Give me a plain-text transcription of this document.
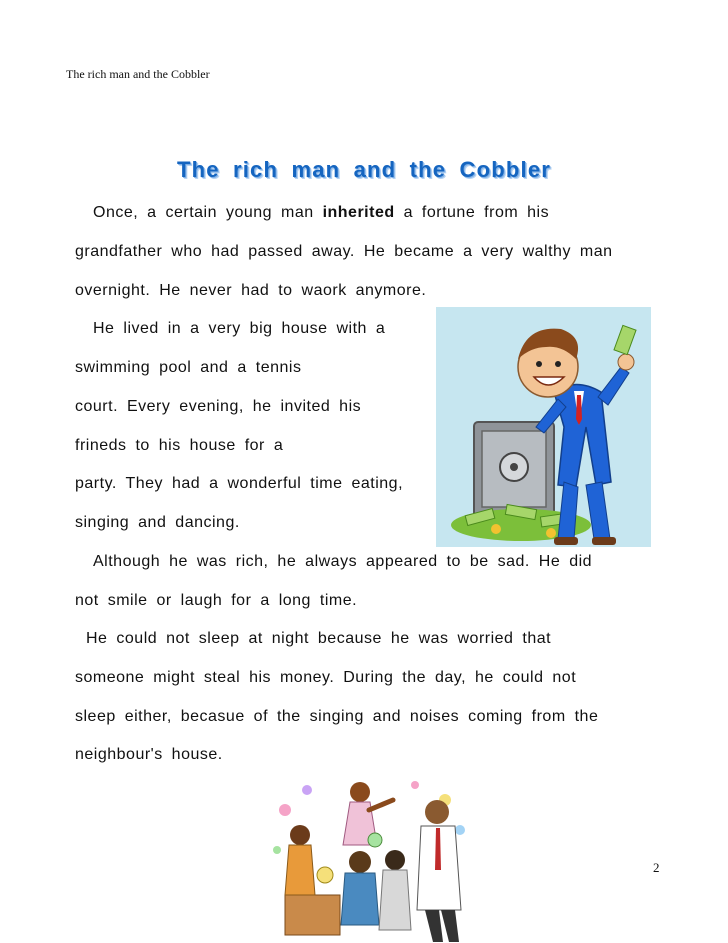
The rich man and the Cobbler
The rich man and the Cobbler
Once, a certain young man inherited a fortune from his
grandfather who had passed away. He became a very walthy man
overnight. He never had to waork anymore.
He lived in a very big house with a
swimming pool and a tennis
court. Every evening, he invited his
frineds to his house for a
party. They had a wonderful time eating,
singing and dancing.
Although he was rich, he always appeared to be sad. He did
not smile or laugh for a long time.
He could not sleep at night because he was worried that
someone might steal his money. During the day, he could not
sleep either, becasue of the singing and noises coming from the
neighbour's house.
2
